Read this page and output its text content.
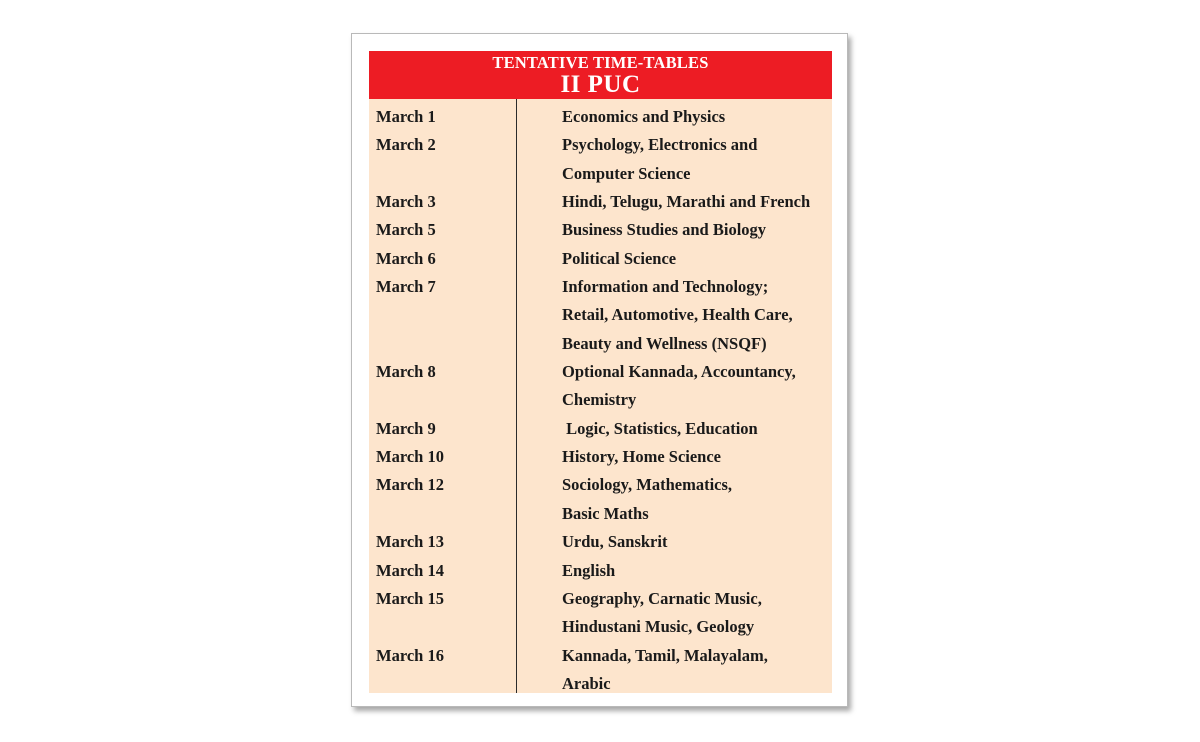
TENTATIVE TIME-TABLES
II PUC
March 1	Economics and Physics
March 2	Psychology, Electronics and
Computer Science
March 3	Hindi, Telugu, Marathi and French
March 5	Business Studies and Biology
March 6	Political Science
March 7	Information and Technology;
Retail, Automotive, Health Care,
Beauty and Wellness (NSQF)
March 8	Optional Kannada, Accountancy,
Chemistry
March 9	Logic, Statistics, Education
March 10	History, Home Science
March 12	Sociology, Mathematics,
Basic Maths
March 13	Urdu, Sanskrit
March 14	English
March 15	Geography, Carnatic Music,
Hindustani Music, Geology
March 16	Kannada, Tamil, Malayalam,
Arabic
